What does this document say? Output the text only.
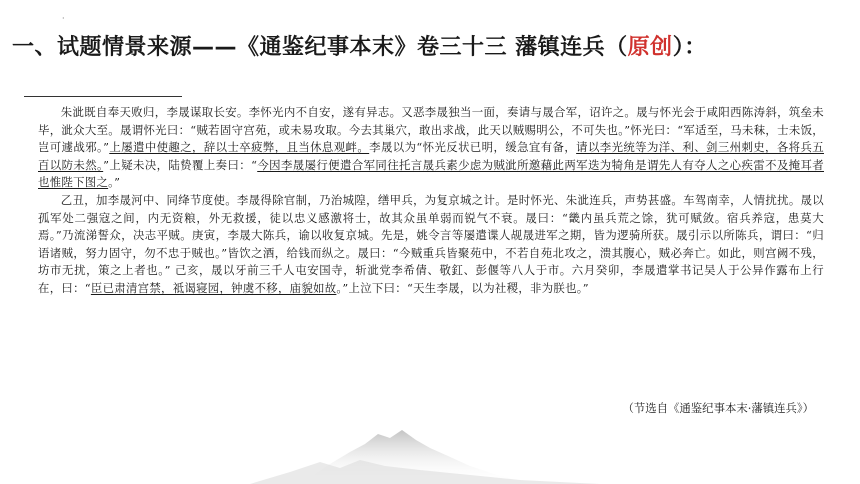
·
一、试题情景来源——《通鉴纪事本末》卷三十三 藩镇连兵（原创）：

朱泚既自奉天败归，李晟谋取长安。李怀光内不自安，遂有异志。又恶李晟独当一面，奏请与晟合军，诏许之。晟与怀光会于咸阳西陈涛斜，筑垒未毕，泚众大至。晟谓怀光曰：“贼若固守宫苑，或未易攻取。今去其巢穴，敢出求战，此天以贼赐明公，不可失也。”怀光曰：“军适至，马未秣，士未饭，岂可遽战邪。”上屡遣中使趣之，辞以士卒疲弊，且当休息观衅。李晟以为“怀光反状已明，缓急宜有备，请以李光统等为洋、利、剑三州刺史，各将兵五百以防未然。”上疑未决，陆贽覆上奏曰：“今因李晟屡行便遣合军同往托言晟兵素少虑为贼泚所邀藉此两军迭为犄角是谓先人有夺人之心疾雷不及掩耳者也惟陛下图之。”

乙丑，加李晟河中、同绛节度使。李晟得除官制，乃治城隍，缮甲兵，为复京城之计。是时怀光、朱泚连兵，声势甚盛。车驾南幸，人情扰扰。晟以孤军处二强寇之间，内无资粮，外无救援，徒以忠义感激将士，故其众虽单弱而锐气不衰。晟曰：“畿内虽兵荒之馀，犹可赋敛。宿兵养寇，患莫大焉。”乃流涕誓众，决志平贼。庚寅，李晟大陈兵，谕以收复京城。先是，姚令言等屡遣谍人觇晟进军之期，皆为逻骑所获。晟引示以所陈兵，谓曰：“归语诸贼，努力固守，勿不忠于贼也。”皆饮之酒，给钱而纵之。晟曰：“今贼重兵皆聚苑中，不若自苑北攻之，溃其腹心，贼必奔亡。如此，则宫阙不残，坊市无扰，策之上者也。” 己亥，晟以牙前三千人屯安国寺，斩泚党李希倩、敬釭、彭偃等八人于市。六月癸卯，李晟遣掌书记吴人于公异作露布上行在，曰：“臣已肃清宫禁，祗谒寝园，钟虞不移，庙貌如故。”上泣下曰：“天生李晟，以为社稷，非为朕也。”

（节选自《通鉴纪事本末·藩镇连兵》）
